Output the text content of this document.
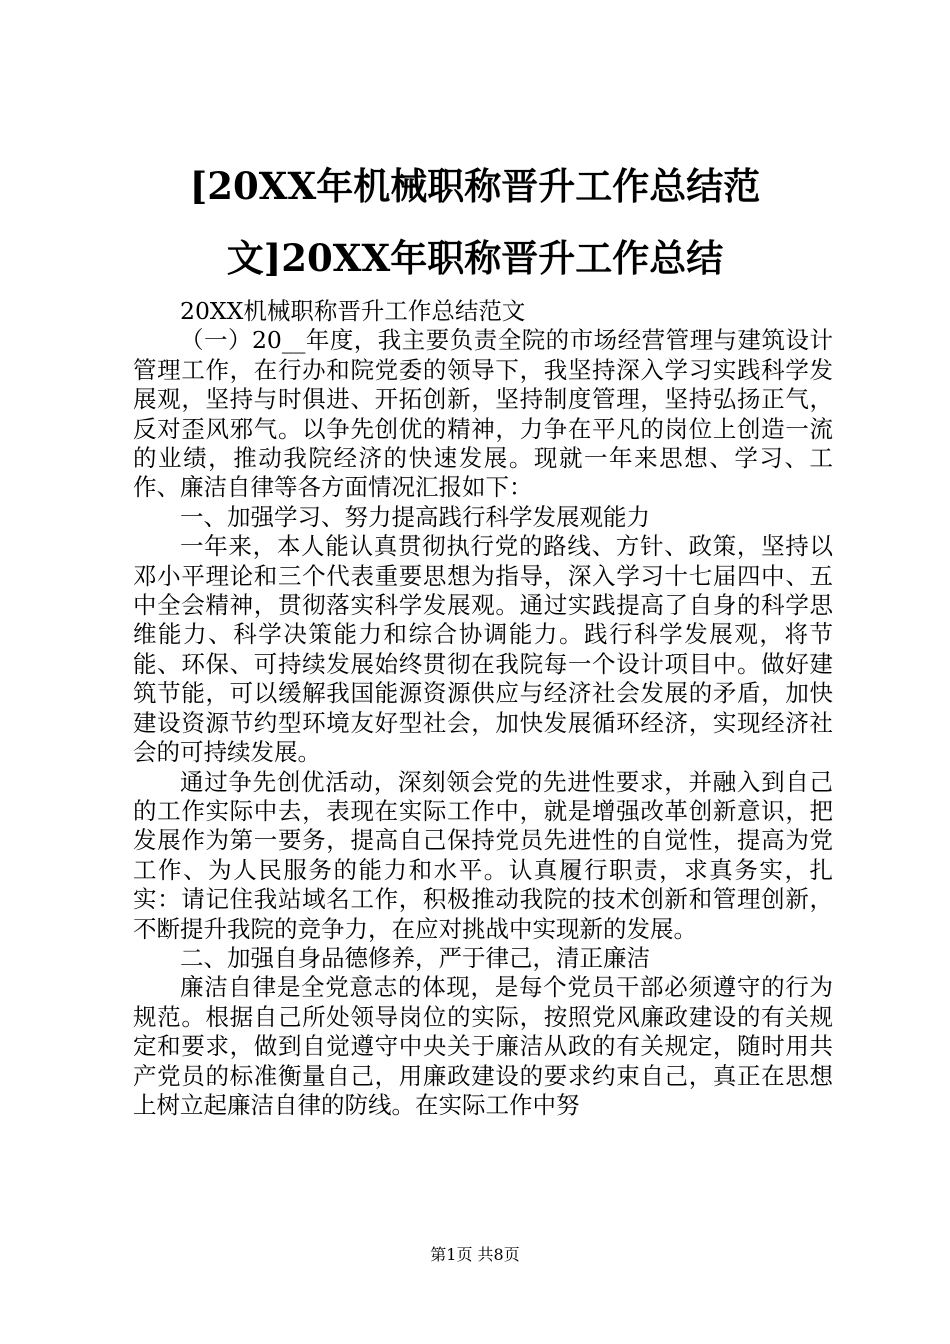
[20XX年机械职称晋升工作总结范文]20XX年职称晋升工作总结

20XX机械职称晋升工作总结范文

（一）20__年度，我主要负责全院的市场经营管理与建筑设计管理工作，在行办和院党委的领导下，我坚持深入学习实践科学发展观，坚持与时俱进、开拓创新，坚持制度管理，坚持弘扬正气，反对歪风邪气。以争先创优的精神，力争在平凡的岗位上创造一流的业绩，推动我院经济的快速发展。现就一年来思想、学习、工作、廉洁自律等各方面情况汇报如下：

一、加强学习、努力提高践行科学发展观能力

一年来，本人能认真贯彻执行党的路线、方针、政策，坚持以邓小平理论和三个代表重要思想为指导，深入学习十七届四中、五中全会精神，贯彻落实科学发展观。通过实践提高了自身的科学思维能力、科学决策能力和综合协调能力。践行科学发展观，将节能、环保、可持续发展始终贯彻在我院每一个设计项目中。做好建筑节能，可以缓解我国能源资源供应与经济社会发展的矛盾，加快建设资源节约型环境友好型社会，加快发展循环经济，实现经济社会的可持续发展。

通过争先创优活动，深刻领会党的先进性要求，并融入到自己的工作实际中去，表现在实际工作中，就是增强改革创新意识，把发展作为第一要务，提高自己保持党员先进性的自觉性，提高为党工作、为人民服务的能力和水平。认真履行职责，求真务实，扎实：请记住我站域名工作，积极推动我院的技术创新和管理创新，不断提升我院的竞争力，在应对挑战中实现新的发展。

二、加强自身品德修养，严于律己，清正廉洁

廉洁自律是全党意志的体现，是每个党员干部必须遵守的行为规范。根据自己所处领导岗位的实际，按照党风廉政建设的有关规定和要求，做到自觉遵守中央关于廉洁从政的有关规定，随时用共产党员的标准衡量自己，用廉政建设的要求约束自己，真正在思想上树立起廉洁自律的防线。在实际工作中努

第1页 共8页
